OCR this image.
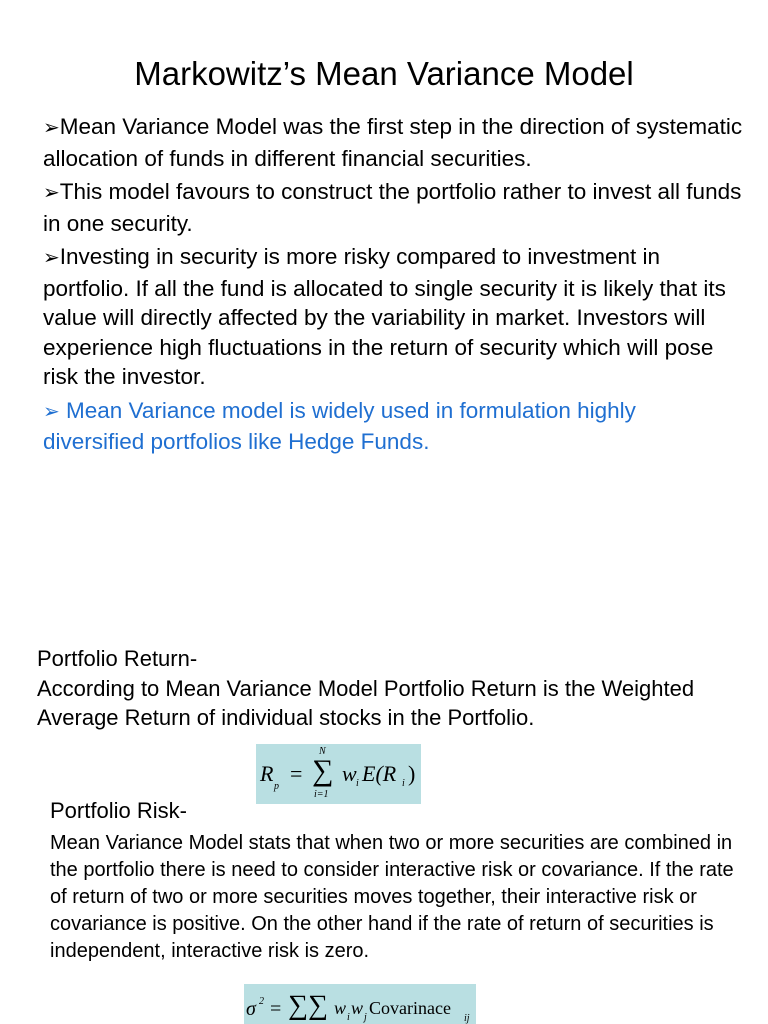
Markowitz’s Mean Variance Model

➢Mean Variance Model was the first step in the direction of systematic allocation of funds in different financial securities.

➢This model favours to construct the portfolio rather to invest all funds in one security.

➢Investing in security is more risky compared to investment in portfolio. If all the fund is allocated to single security it is likely that its value will directly affected by the variability in market. Investors will experience high fluctuations in the return of security which will pose risk the investor.

➢ Mean Variance model is widely used in formulation highly diversified portfolios like Hedge Funds.

Portfolio Return-
According to Mean Variance Model Portfolio Return is the Weighted Average Return of individual stocks in the Portfolio.
R
p
=
N
∑
i=1
w i E(R i )
Portfolio Risk-
Mean Variance Model stats that when two or more securities are combined in the portfolio there is need to consider interactive risk or covariance. If the rate of return of two or more securities moves together, their interactive risk or covariance is positive. On the other hand if the rate of return of securities is independent, interactive risk is zero.
σ 2 = ∑∑ w i w j Covarinace
ij
